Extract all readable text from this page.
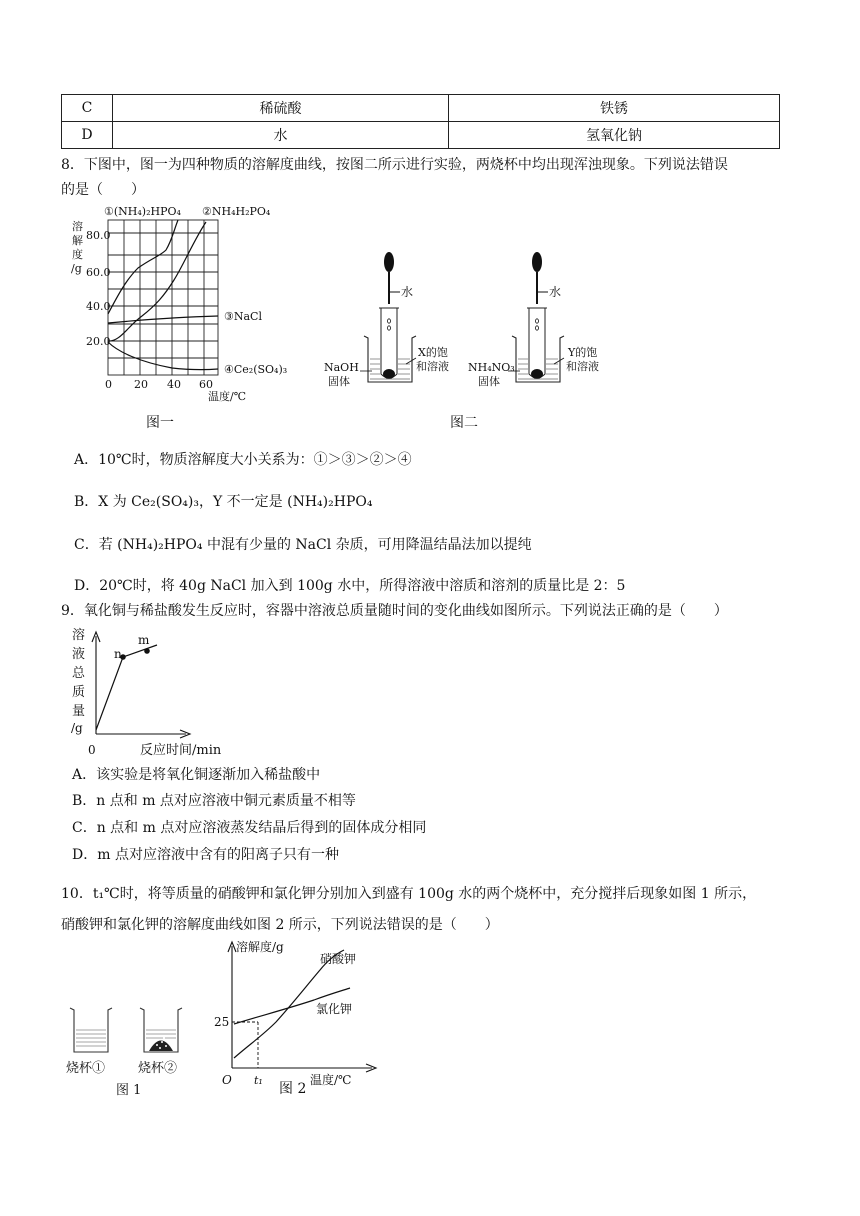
C	稀硫酸	铁锈
D	水	氢氧化钠
8．下图中，图一为四种物质的溶解度曲线，按图二所示进行实验，两烧杯中均出现浑浊现象。下列说法错误
的是（　　）
80.0
60.0
40.0
20.0
溶
解
度
/g
0 20 40 60
温度/℃
①(NH₄)₂HPO₄ ②NH₄H₂PO₄
③NaCl
④Ce₂(SO₄)₃
图一
水
NaOH
固体
X的饱
和溶液
水
NH₄NO₃
固体
Y的饱
和溶液
图二
A．10℃时，物质溶解度大小关系为：①＞③＞②＞④
B．X 为 Ce₂(SO₄)₃，Y 不一定是 (NH₄)₂HPO₄
C．若 (NH₄)₂HPO₄ 中混有少量的 NaCl 杂质，可用降温结晶法加以提纯
D．20℃时，将 40g NaCl 加入到 100g 水中，所得溶液中溶质和溶剂的质量比是 2：5
9．氧化铜与稀盐酸发生反应时，容器中溶液总质量随时间的变化曲线如图所示。下列说法正确的是（　　）
溶
液
总
质
量
/g
n
m
0	反应时间/min
A．该实验是将氧化铜逐渐加入稀盐酸中
B．n 点和 m 点对应溶液中铜元素质量不相等
C．n 点和 m 点对应溶液蒸发结晶后得到的固体成分相同
D．m 点对应溶液中含有的阳离子只有一种
10．t₁℃时，将等质量的硝酸钾和氯化钾分别加入到盛有 100g 水的两个烧杯中，充分搅拌后现象如图 1 所示，
硝酸钾和氯化钾的溶解度曲线如图 2 所示，下列说法错误的是（　　）
烧杯①	烧杯②
图 1
溶解度/g
温度/℃
O
25
t₁
硝酸钾
氯化钾
图 2
